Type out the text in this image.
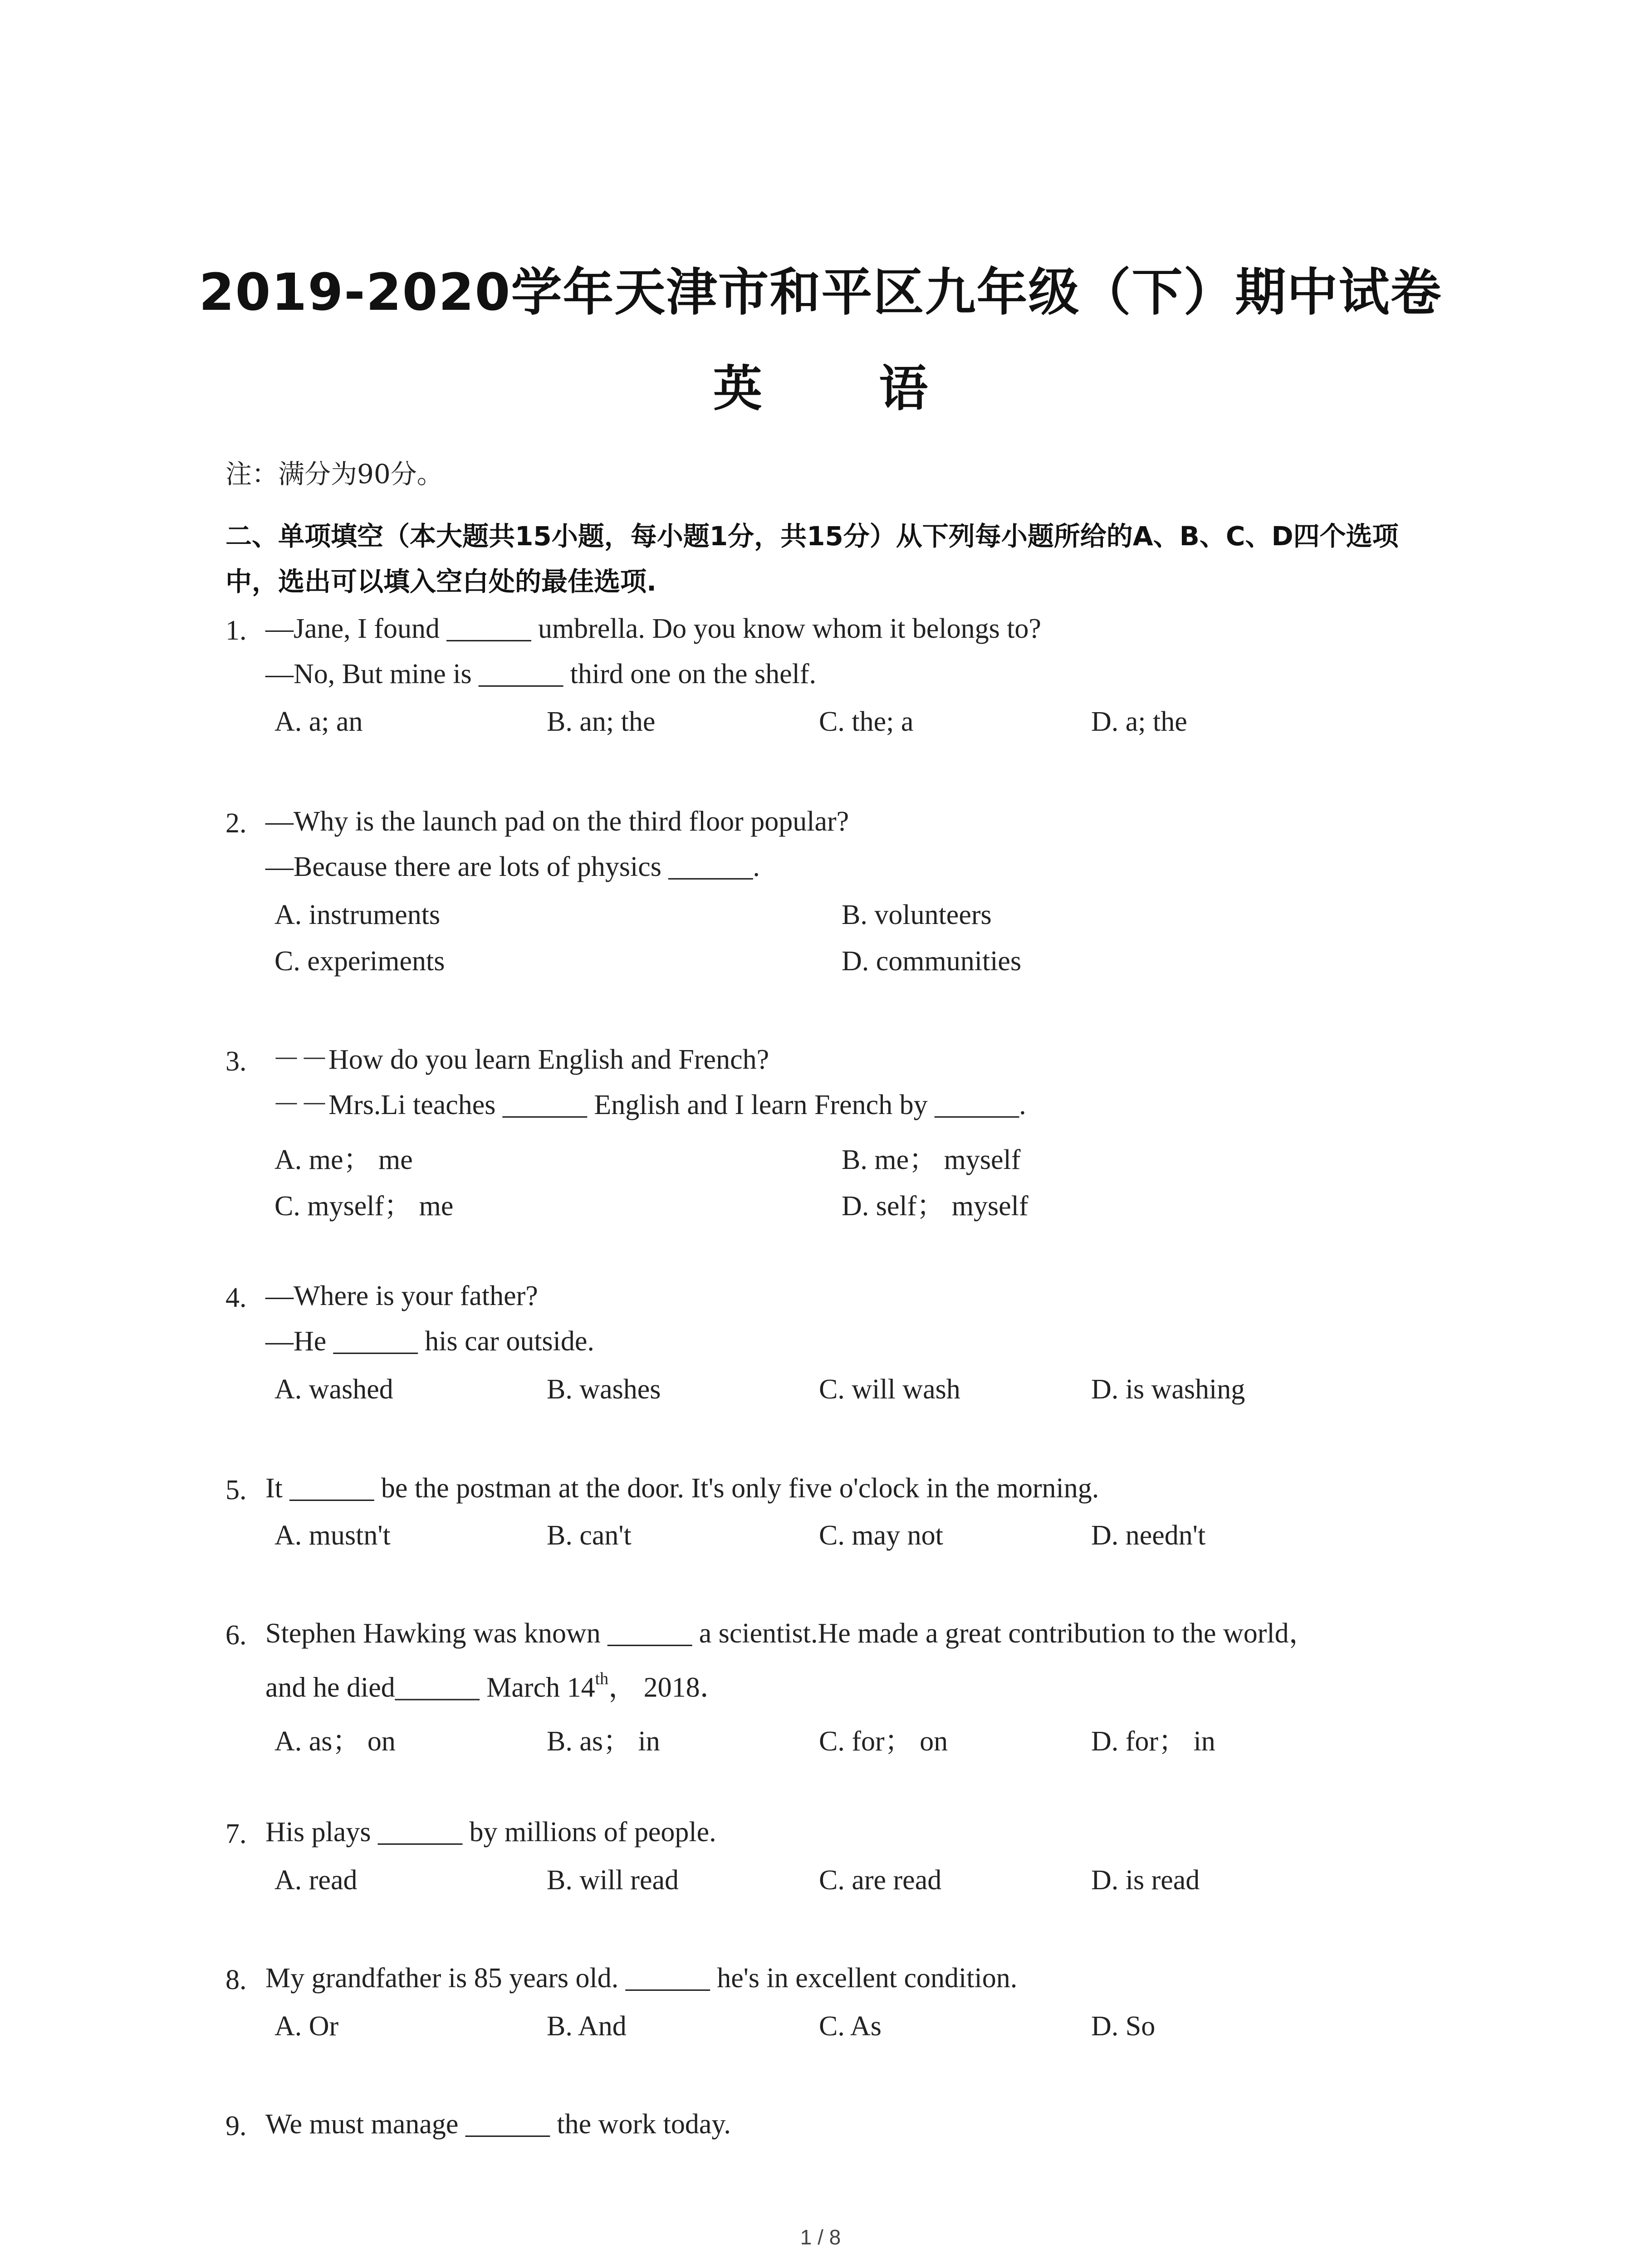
2019-2020学年天津市和平区九年级（下）期中试卷
英 语
注：满分为90分。
二、单项填空（本大题共15小题，每小题1分，共15分）从下列每小题所给的A、B、C、D四个选项中，选出可以填入空白处的最佳选项.
1. —Jane, I found ______ umbrella. Do you know whom it belongs to?
—No, But mine is ______ third one on the shelf.
A. a; an	B. an; the	C. the; a	D. a; the
2. —Why is the launch pad on the third floor popular?
—Because there are lots of physics ______.
A. instruments	B. volunteers
C. experiments	D. communities
3. －－How do you learn English and French?
－－Mrs.Li teaches ______ English and I learn French by ______.
A. me； me	B. me； myself
C. myself； me	D. self； myself
4. —Where is your father?
—He ______ his car outside.
A. washed	B. washes	C. will wash	D. is washing
5. It ______ be the postman at the door. It's only five o'clock in the morning.
A. mustn't	B. can't	C. may not	D. needn't
6. Stephen Hawking was known ______ a scientist.He made a great contribution to the world，
and he died______ March 14th， 2018．
A. as； on	B. as； in	C. for； on	D. for； in
7. His plays ______ by millions of people.
A. read	B. will read	C. are read	D. is read
8. My grandfather is 85 years old. ______ he's in excellent condition.
A. Or	B. And	C. As	D. So
9. We must manage ______ the work today.
1 / 8
